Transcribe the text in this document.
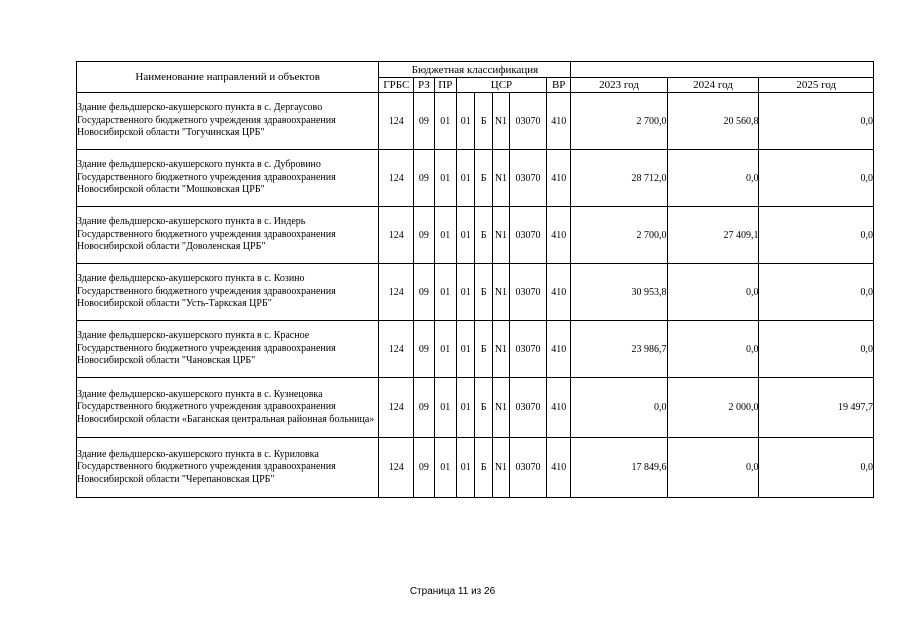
Наименование направлений и объектов	Бюджетная классификация										
	ГРБС	РЗ	ПР	ЦСР				ВР	2023 год	2024 год	2025 год
Здание фельдшерско-акушерского пункта в с. Дергаусово Государственного бюджетного учреждения здравоохранения Новосибирской области "Тогучинская ЦРБ"	124	09	01	01	Б	N1	03070	410	2 700,0	20 560,8	0,0
Здание фельдшерско-акушерского пункта в с. Дубровино Государственного бюджетного учреждения здравоохранения Новосибирской области "Мошковская ЦРБ"	124	09	01	01	Б	N1	03070	410	28 712,0	0,0	0,0
Здание фельдшерско-акушерского пункта в с. Индерь Государственного бюджетного учреждения здравоохранения Новосибирской области "Доволенская ЦРБ"	124	09	01	01	Б	N1	03070	410	2 700,0	27 409,1	0,0
Здание фельдшерско-акушерского пункта в с. Козино Государственного бюджетного учреждения здравоохранения Новосибирской области "Усть-Таркская ЦРБ"	124	09	01	01	Б	N1	03070	410	30 953,8	0,0	0,0
Здание фельдшерско-акушерского пункта в с. Красное Государственного бюджетного учреждения здравоохранения Новосибирской области "Чановская ЦРБ"	124	09	01	01	Б	N1	03070	410	23 986,7	0,0	0,0
Здание фельдшерско-акушерского пункта в с. Кузнецовка Государственного бюджетного учреждения здравоохранения Новосибирской области «Баганская центральная районная больница»	124	09	01	01	Б	N1	03070	410	0,0	2 000,0	19 497,7
Здание фельдшерско-акушерского пункта в с. Куриловка Государственного бюджетного учреждения здравоохранения Новосибирской области "Черепановская ЦРБ"	124	09	01	01	Б	N1	03070	410	17 849,6	0,0	0,0
Страница 11 из 26
